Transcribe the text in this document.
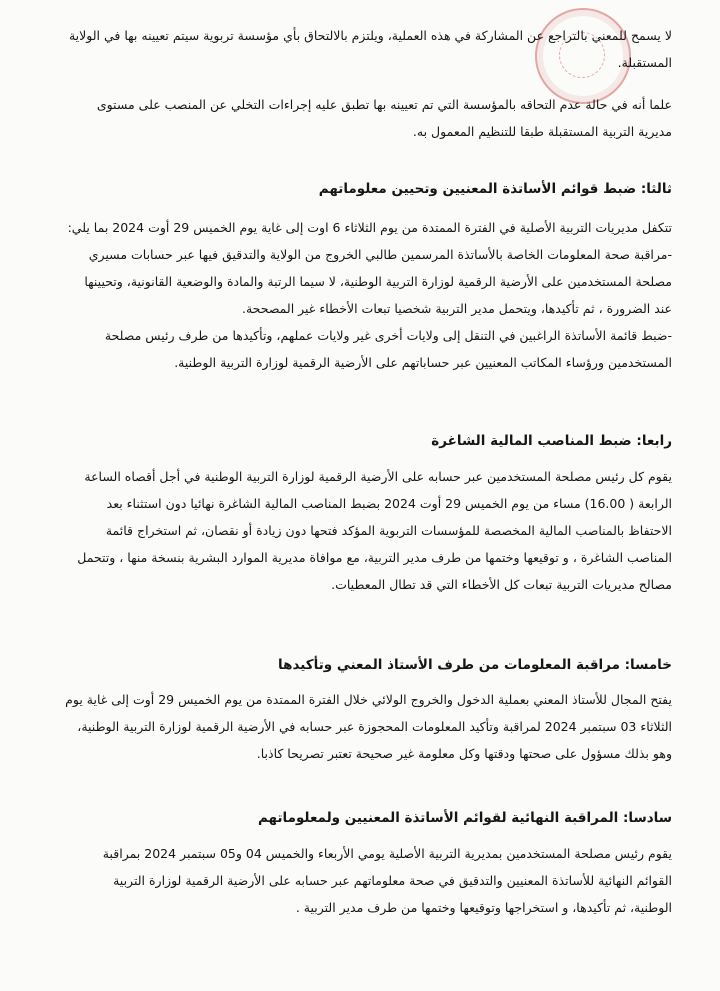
لا يسمح للمعني بالتراجع عن المشاركة في هذه العملية، ويلتزم بالالتحاق بأي مؤسسة تربوية سيتم تعيينه بها في الولاية
المستقبلة.
علما أنه في حالة عدم التحاقه بالمؤسسة التي تم تعيينه بها تطبق عليه إجراءات التخلي عن المنصب على مستوى
مديرية التربية المستقبلة طبقا للتنظيم المعمول به.
ثالثا: ضبط قوائم الأساتذة المعنيين وتحيين معلوماتهم
تتكفل مديريات التربية الأصلية في الفترة الممتدة من يوم الثلاثاء 6 اوت إلى غاية يوم الخميس 29 أوت 2024 بما يلي:
-مراقبة صحة المعلومات الخاصة بالأساتذة المرسمين طالبي الخروج من الولاية والتدقيق فيها عبر حسابات مسيري
مصلحة المستخدمين على الأرضية الرقمية لوزارة التربية الوطنية، لا سيما الرتبة والمادة والوضعية القانونية، وتحيينها
عند الضرورة ، ثم تأكيدها، ويتحمل مدير التربية شخصيا تبعات الأخطاء غير المصححة.
-ضبط قائمة الأساتذة الراغبين في التنقل إلى ولايات أخرى غير ولايات عملهم، وتأكيدها من طرف رئيس مصلحة
المستخدمين ورؤساء المكاتب المعنيين عبر حساباتهم على الأرضية الرقمية لوزارة التربية الوطنية.
رابعا: ضبط المناصب المالية الشاغرة
يقوم كل رئيس مصلحة المستخدمين عبر حسابه على الأرضية الرقمية لوزارة التربية الوطنية في أجل أقصاه الساعة
الرابعة ( 16.00) مساء من يوم الخميس 29 أوت 2024 بضبط المناصب المالية الشاغرة نهائيا دون استثناء بعد
الاحتفاظ بالمناصب المالية المخصصة للمؤسسات التربوية المؤكد فتحها دون زيادة أو نقصان، ثم استخراج قائمة
المناصب الشاغرة ، و توقيعها وختمها من طرف مدير التربية، مع موافاة مديرية الموارد البشرية بنسخة منها ، وتتحمل
مصالح مديريات التربية تبعات كل الأخطاء التي قد تطال المعطيات.
خامسا: مراقبة المعلومات من طرف الأستاذ المعني وتأكيدها
يفتح المجال للأستاذ المعني بعملية الدخول والخروج الولائي خلال الفترة الممتدة من يوم الخميس 29 أوت إلى غاية يوم
الثلاثاء 03 سبتمبر 2024 لمراقبة وتأكيد المعلومات المحجوزة عبر حسابه في الأرضية الرقمية لوزارة التربية الوطنية،
وهو بذلك مسؤول على صحتها ودقتها وكل معلومة غير صحيحة تعتبر تصريحا كاذبا.
سادسا: المراقبة النهائية لقوائم الأساتذة المعنيين ولمعلوماتهم
يقوم رئيس مصلحة المستخدمين بمديرية التربية الأصلية يومي الأربعاء والخميس 04 و05 سبتمبر 2024 بمراقبة
القوائم النهائية للأساتذة المعنيين والتدقيق في صحة معلوماتهم عبر حسابه على الأرضية الرقمية لوزارة التربية
الوطنية، ثم تأكيدها، و استخراجها وتوقيعها وختمها من طرف مدير التربية .
